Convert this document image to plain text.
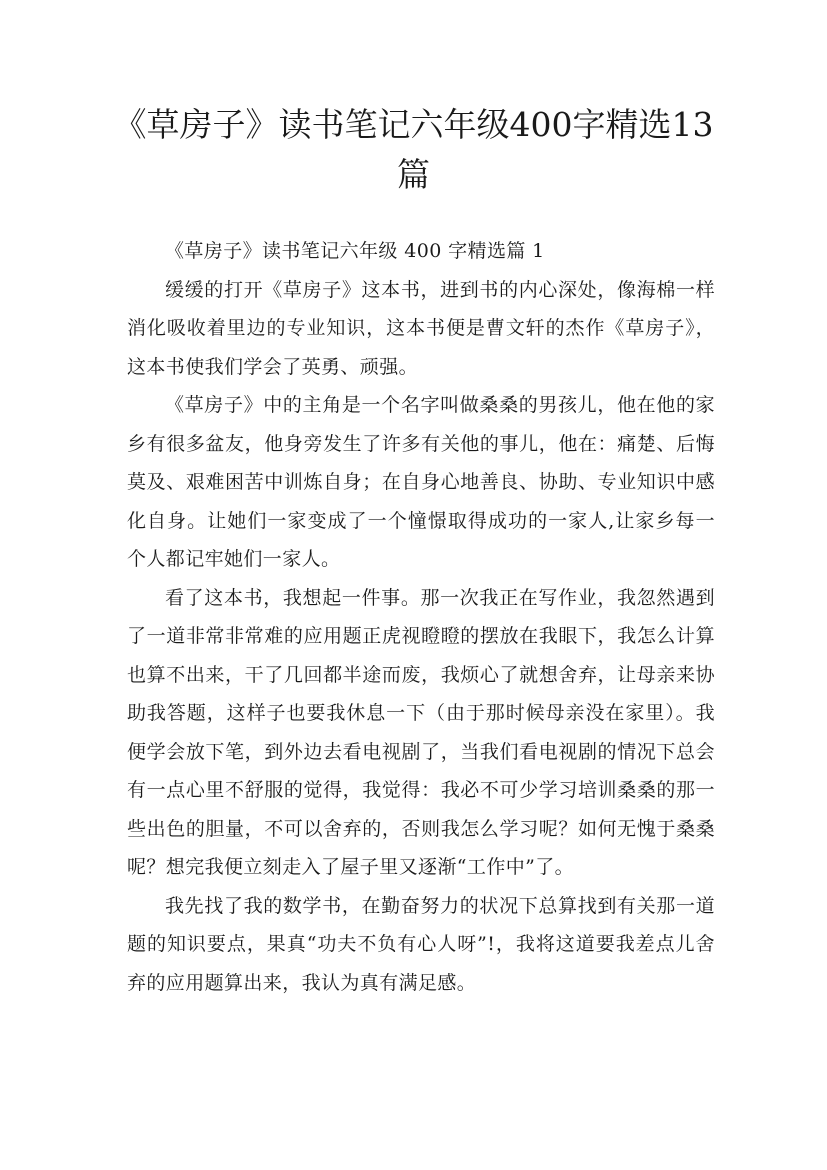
《草房子》读书笔记六年级400字精选13篇

《草房子》读书笔记六年级 400 字精选篇 1

缓缓的打开《草房子》这本书，进到书的内心深处，像海棉一样消化吸收着里边的专业知识，这本书便是曹文轩的杰作《草房子》，这本书使我们学会了英勇、顽强。

《草房子》中的主角是一个名字叫做桑桑的男孩儿，他在他的家乡有很多盆友，他身旁发生了许多有关他的事儿，他在：痛楚、后悔莫及、艰难困苦中训炼自身；在自身心地善良、协助、专业知识中感化自身。让她们一家变成了一个憧憬取得成功的一家人,让家乡每一个人都记牢她们一家人。

看了这本书，我想起一件事。那一次我正在写作业，我忽然遇到了一道非常非常难的应用题正虎视瞪瞪的摆放在我眼下，我怎么计算也算不出来，干了几回都半途而废，我烦心了就想舍弃，让母亲来协助我答题，这样子也要我休息一下（由于那时候母亲没在家里）。我便学会放下笔，到外边去看电视剧了，当我们看电视剧的情况下总会有一点心里不舒服的觉得，我觉得：我必不可少学习培训桑桑的那一些出色的胆量，不可以舍弃的，否则我怎么学习呢？如何无愧于桑桑呢？想完我便立刻走入了屋子里又逐渐“工作中”了。

我先找了我的数学书，在勤奋努力的状况下总算找到有关那一道题的知识要点，果真“功夫不负有心人呀”!，我将这道要我差点儿舍弃的应用题算出来，我认为真有满足感。
